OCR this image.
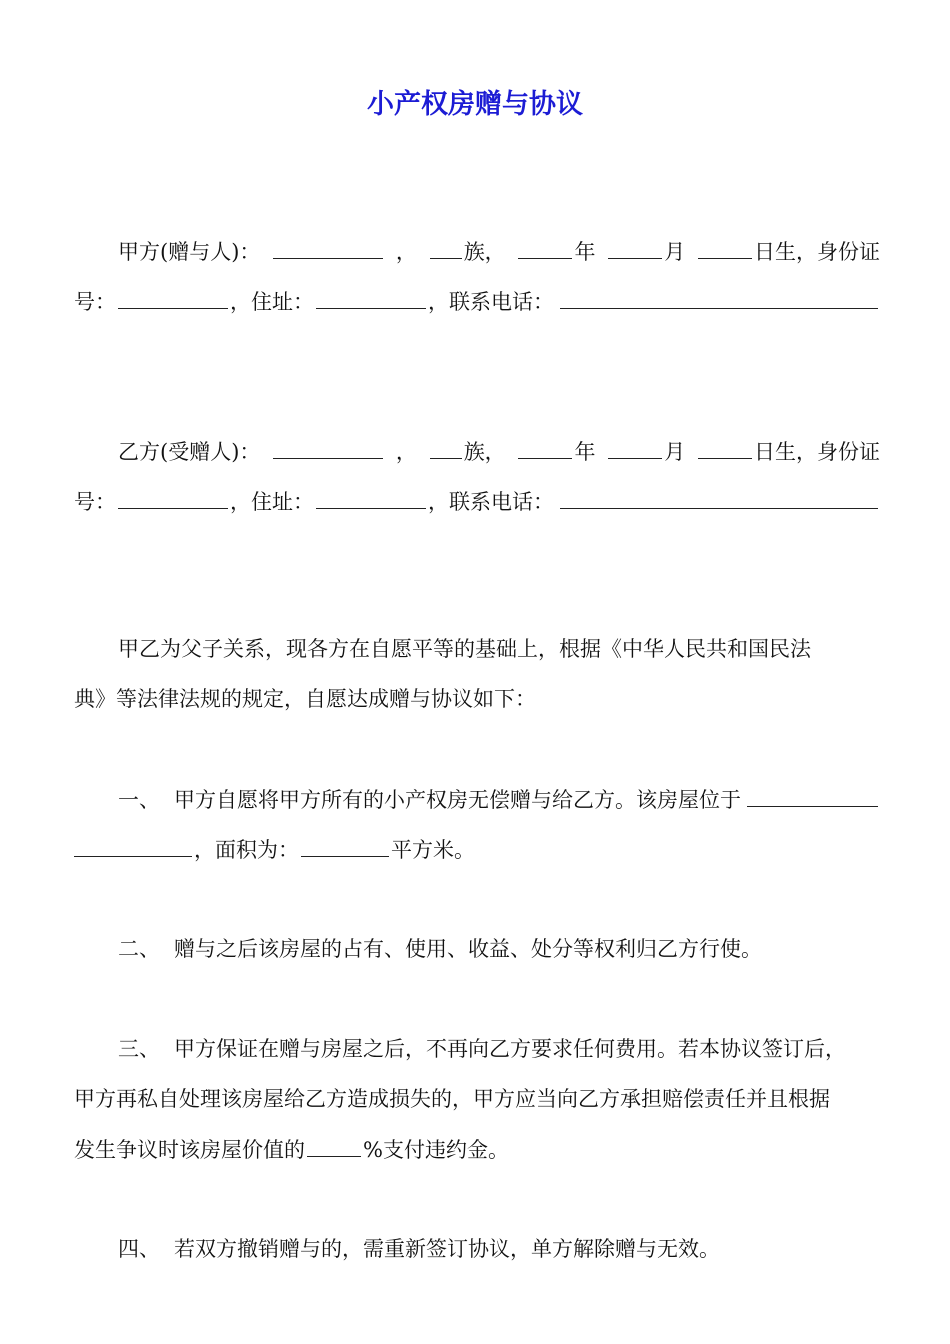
小产权房赠与协议
甲方(赠与人)：	，	族，	年	月	日生，身份证
号：	，住址：	，联系电话：
乙方(受赠人)：	，	族，	年	月	日生，身份证
号：	，住址：	，联系电话：
甲乙为父子关系，现各方在自愿平等的基础上，根据《中华人民共和国民法
典》等法律法规的规定，自愿达成赠与协议如下：
一、 甲方自愿将甲方所有的小产权房无偿赠与给乙方。该房屋位于
，面积为：	平方米。
二、 赠与之后该房屋的占有、使用、收益、处分等权利归乙方行使。
三、 甲方保证在赠与房屋之后，不再向乙方要求任何费用。若本协议签订后，
甲方再私自处理该房屋给乙方造成损失的，甲方应当向乙方承担赔偿责任并且根据
发生争议时该房屋价值的	%支付违约金。
四、 若双方撤销赠与的，需重新签订协议，单方解除赠与无效。
